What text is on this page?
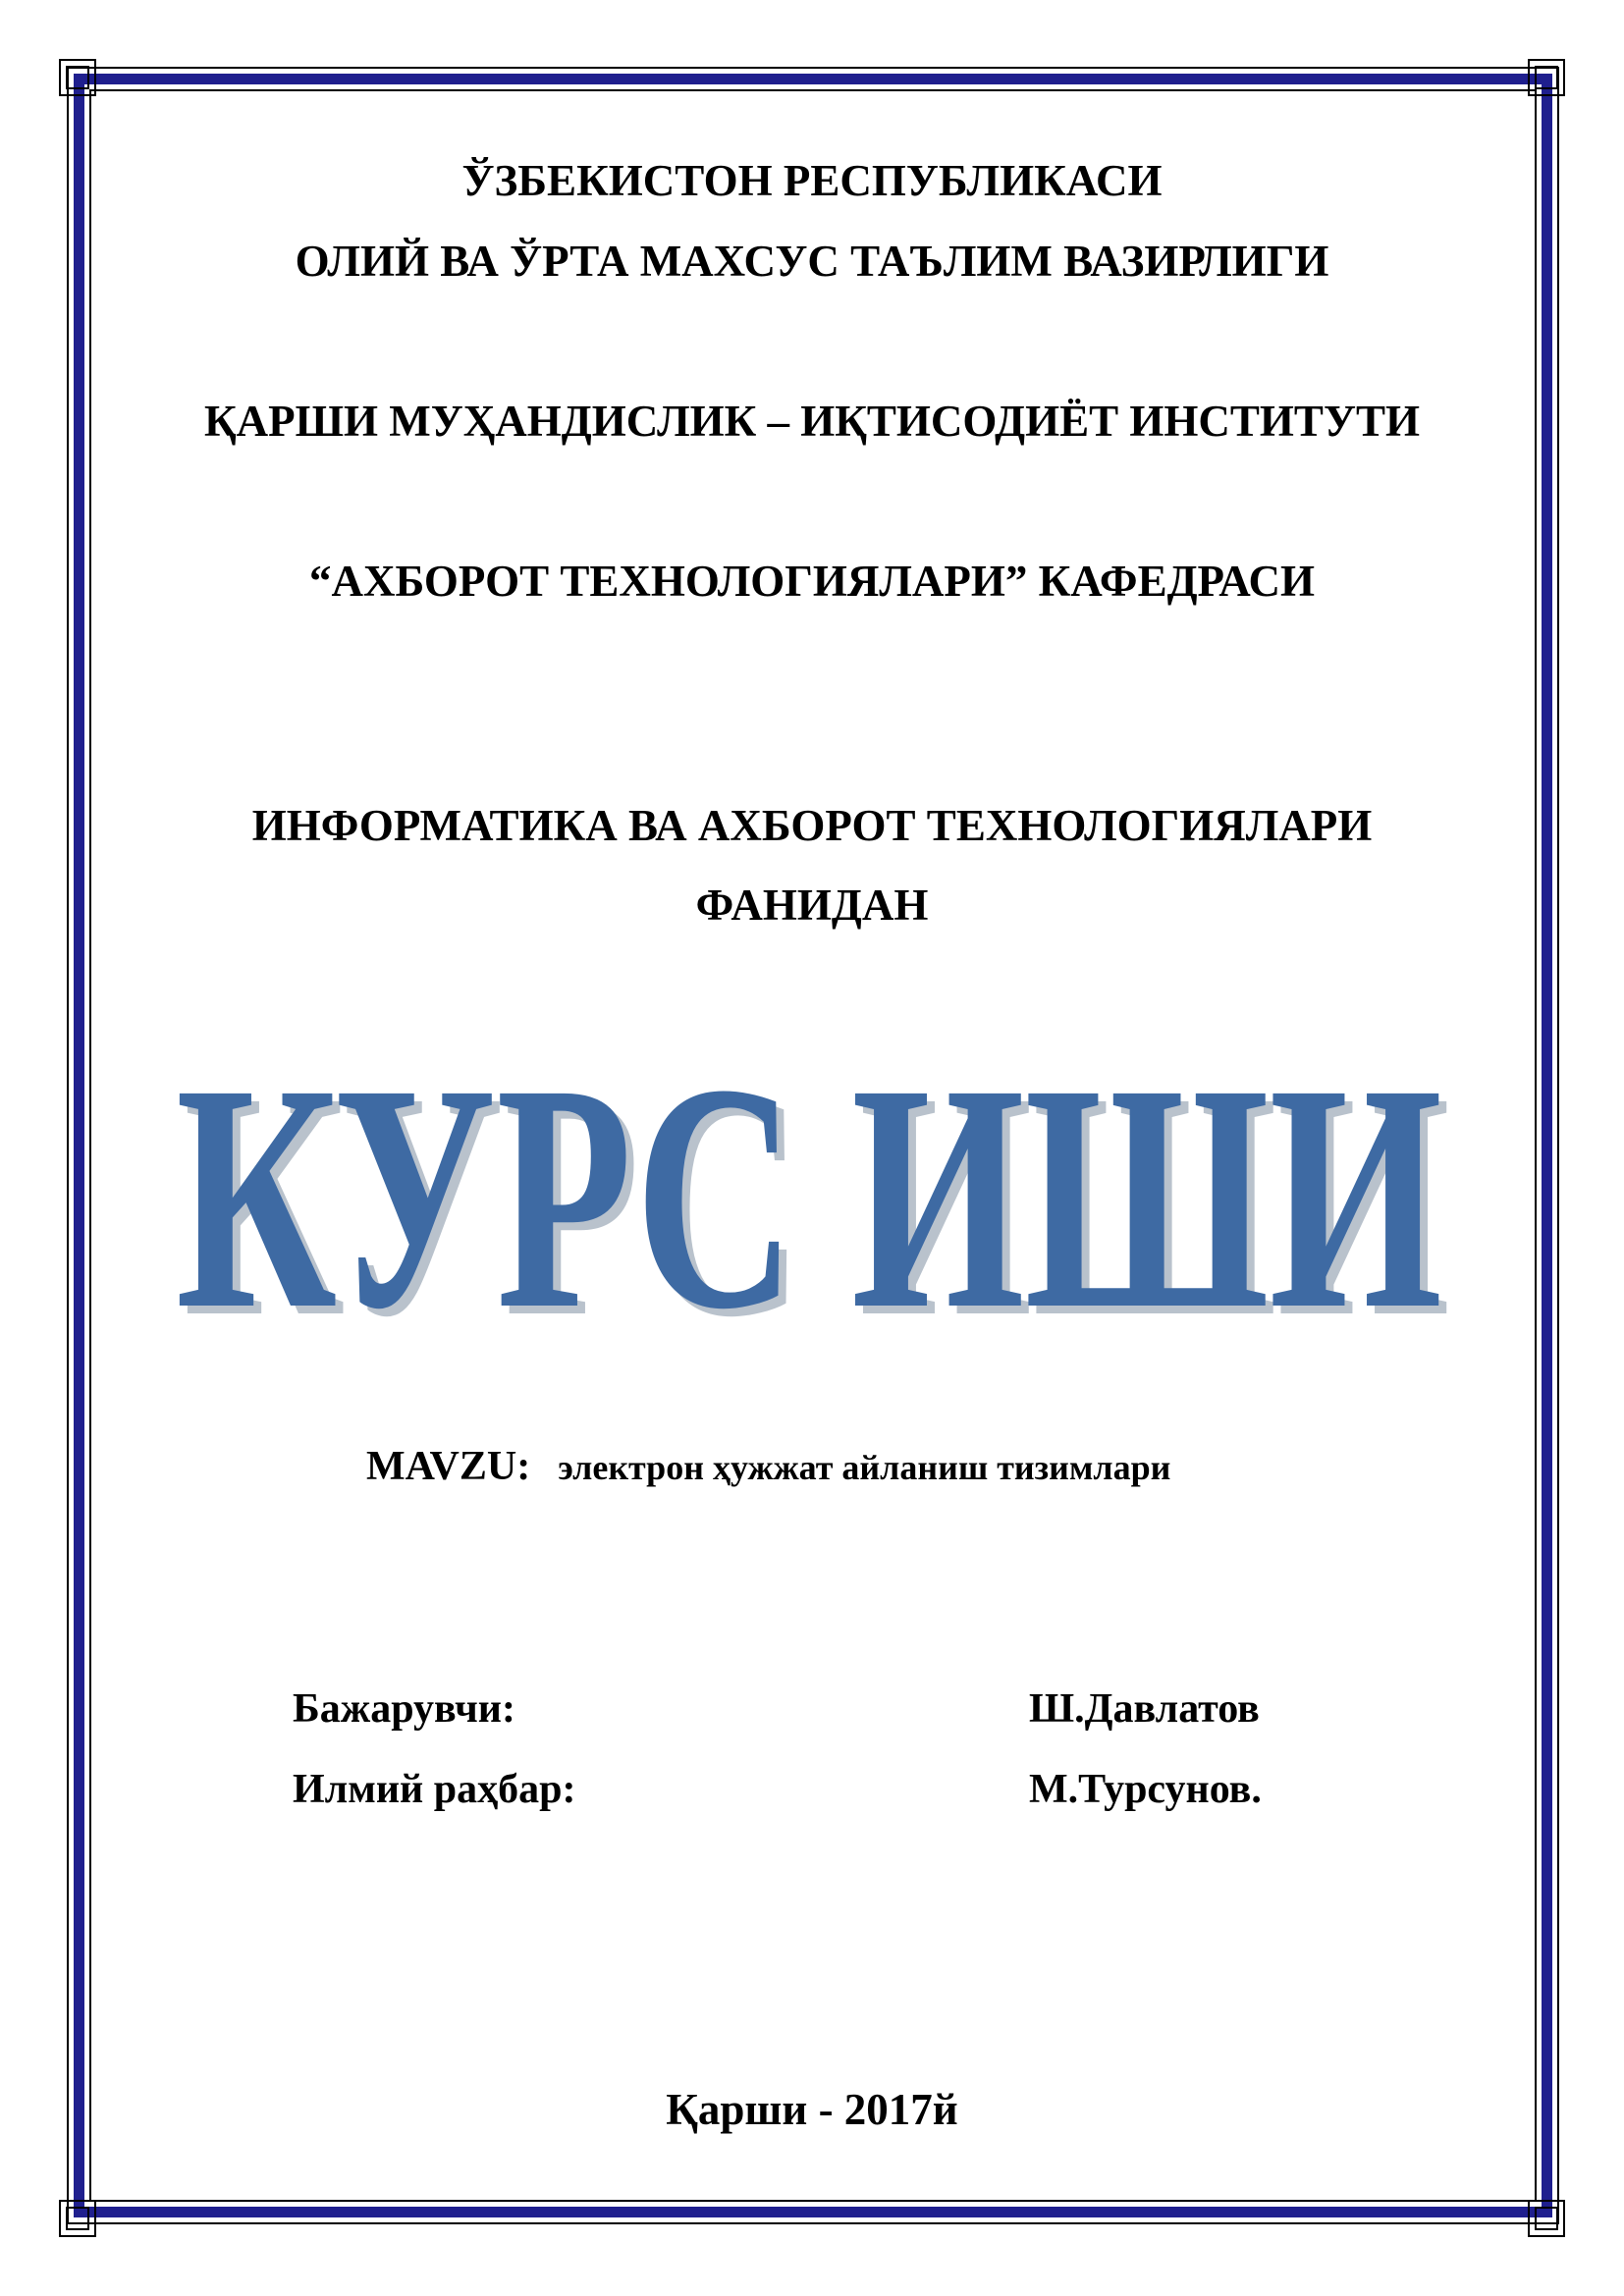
ЎЗБЕКИСТОН РЕСПУБЛИКАСИ
ОЛИЙ ВА ЎРТА МАХСУС ТАЪЛИМ ВАЗИРЛИГИ
ҚАРШИ МУҲАНДИСЛИК – ИҚТИСОДИЁТ ИНСТИТУТИ
“АХБОРОТ ТЕХНОЛОГИЯЛАРИ” КАФЕДРАСИ
ИНФОРМАТИКА ВА АХБОРОТ ТЕХНОЛОГИЯЛАРИ
ФАНИДАН
КУРС ИШИ
КУРС ИШИ
MAVZU: электрон ҳужжат айланиш тизимлари
Бажарувчи:	Ш.Давлатов
Илмий раҳбар:	М.Турсунов.
Қарши - 2017й
